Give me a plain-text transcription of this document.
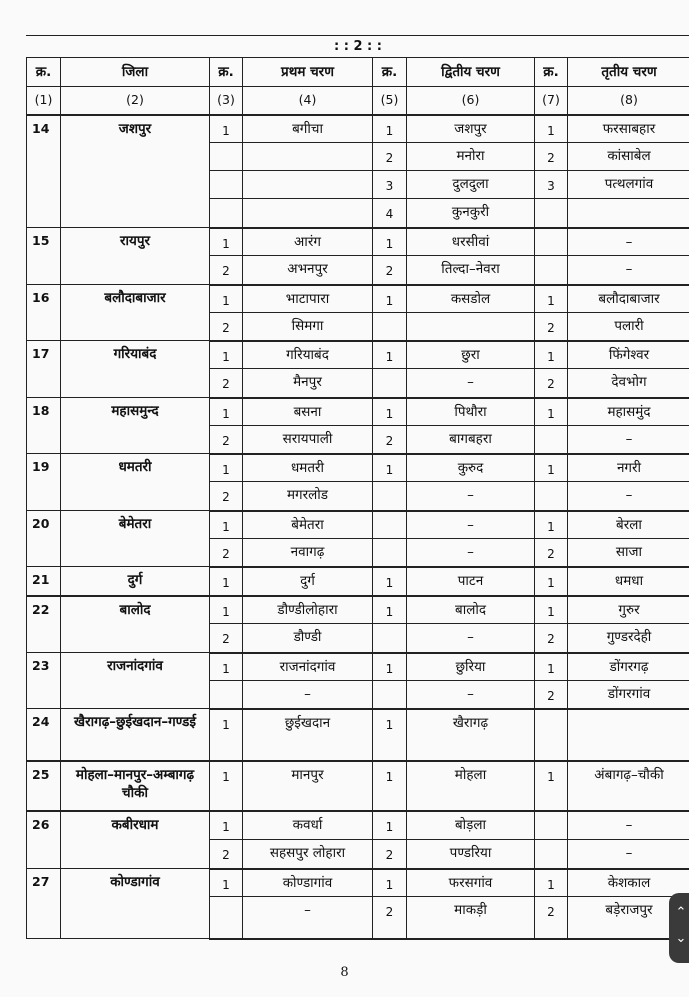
: : 2 : :
क्र.	जिला	क्र.	प्रथम चरण	क्र.	द्वितीय चरण	क्र.	तृतीय चरण
(1)	(2)	(3)	(4)	(5)	(6)	(7)	(8)
14	जशपुर	1	बगीचा	1	जशपुर	1	फरसाबहार
				2	मनोरा	2	कांसाबेल
				3	दुलदुला	3	पत्थलगांव
				4	कुनकुरी		
15	रायपुर	1	आरंग	1	धरसीवां		–
		2	अभनपुर	2	तिल्दा–नेवरा		–
16	बलौदाबाजार	1	भाटापारा	1	कसडोल	1	बलौदाबाजार
		2	सिमगा			2	पलारी
17	गरियाबंद	1	गरियाबंद	1	छुरा	1	फिंगेश्वर
		2	मैनपुर		–	2	देवभोग
18	महासमुन्द	1	बसना	1	पिथौरा	1	महासमुंद
		2	सरायपाली	2	बागबहरा		–
19	धमतरी	1	धमतरी	1	कुरुद	1	नगरी
		2	मगरलोड		–		–
20	बेमेतरा	1	बेमेतरा		–	1	बेरला
		2	नवागढ़		–	2	साजा
21	दुर्ग	1	दुर्ग	1	पाटन	1	धमधा
22	बालोद	1	डौण्डीलोहारा	1	बालोद	1	गुरुर
		2	डौण्डी		–	2	गुण्डरदेही
23	राजनांदगांव	1	राजनांदगांव	1	छुरिया	1	डोंगरगढ़
			–		–	2	डोंगरगांव
24	खैरागढ़–छुईखदान–गण्डई	1	छुईखदान	1	खैरागढ़		
25	मोहला–मानपुर–अम्बागढ़ चौकी	1	मानपुर	1	मोहला	1	अंबागढ़–चौकी
26	कबीरधाम	1	कवर्धा	1	बोड़ला		–
		2	सहसपुर लोहारा	2	पण्डरिया		–
27	कोण्डागांव	1	कोण्डागांव	1	फरसगांव	1	केशकाल
			–	2	माकड़ी	2	बड़ेराजपुर
8
⌃
⌄
